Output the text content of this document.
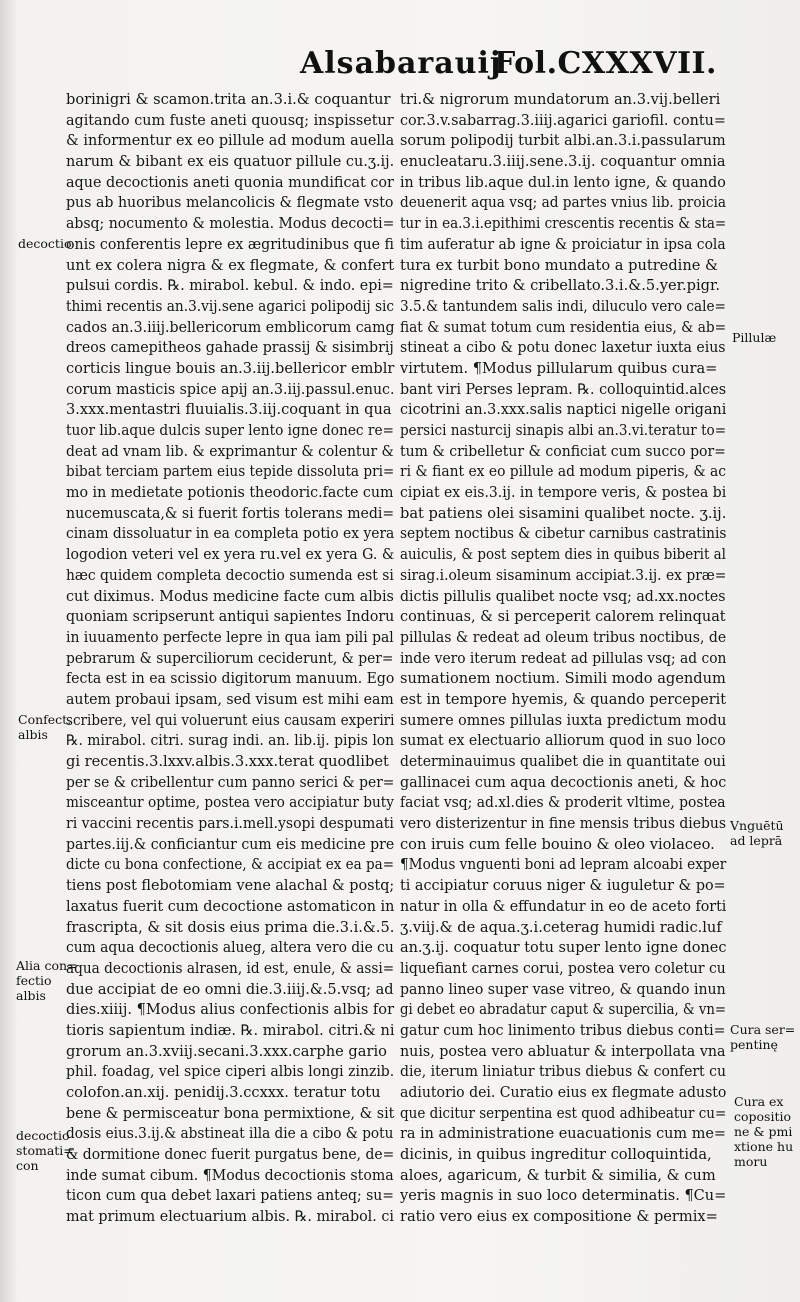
Alsabarauij
Fol.CXXXVII.
borinigri & scamon.trita an.3.i.& coquantur
agitando cum fuste aneti quousq; inspissetur
& informentur ex eo pillule ad modum auella
narum & bibant ex eis quatuor pillule cu.ʒ.ij.
aque decoctionis aneti quonia mundificat cor
pus ab huoribus melancolicis & flegmate vsto
absq; nocumento & molestia. Modus decocti=
onis conferentis lepre ex ægritudinibus que fi
unt ex colera nigra & ex flegmate, & confert
pulsui cordis. ℞. mirabol. kebul. & indo. epi=
thimi recentis an.3.vij.sene agarici polipodij sic
cados an.3.iiij.bellericorum emblicorum camg
dreos camepitheos gahade prassij & sisimbrij
corticis lingue bouis an.3.iij.bellericor emblr
corum masticis spice apij an.3.iij.passul.enuc.
3.xxx.mentastri fluuialis.3.iij.coquant in qua
tuor lib.aque dulcis super lento igne donec re=
deat ad vnam lib. & exprimantur & colentur &
bibat terciam partem eius tepide dissoluta pri=
mo in medietate potionis theodoric.facte cum
nucemuscata,& si fuerit fortis tolerans medi=
cinam dissoluatur in ea completa potio ex yera
logodion veteri vel ex yera ru.vel ex yera G. &
hæc quidem completa decoctio sumenda est si
cut diximus. Modus medicine facte cum albis
quoniam scripserunt antiqui sapientes Indoru
in iuuamento perfecte lepre in qua iam pili pal
pebrarum & superciliorum ceciderunt, & per=
fecta est in ea scissio digitorum manuum. Ego
autem probaui ipsam, sed visum est mihi eam
scribere, vel qui voluerunt eius causam experiri
℞. mirabol. citri. surag indi. an. lib.ij. pipis lon
gi recentis.3.lxxv.albis.3.xxx.terat quodlibet
per se & cribellentur cum panno serici & per=
misceantur optime, postea vero accipiatur buty
ri vaccini recentis pars.i.mell.ysopi despumati
partes.iij.& conficiantur cum eis medicine pre
dicte cu bona confectione, & accipiat ex ea pa=
tiens post flebotomiam vene alachal & postq;
laxatus fuerit cum decoctione astomaticon in
frascripta, & sit dosis eius prima die.3.i.&.5.
cum aqua decoctionis alueg, altera vero die cu
aqua decoctionis alrasen, id est, enule, & assi=
due accipiat de eo omni die.3.iiij.&.5.vsq; ad
dies.xiiij. ¶Modus alius confectionis albis for
tioris sapientum indiæ. ℞. mirabol. citri.& ni
grorum an.3.xviij.secani.3.xxx.carphe gario
phil. foadag, vel spice ciperi albis longi zinzib.
colofon.an.xij. penidij.3.ccxxx. teratur totu
bene & permisceatur bona permixtione, & sit
dosis eius.3.ij.& abstineat illa die a cibo & potu
& dormitione donec fuerit purgatus bene, de=
inde sumat cibum. ¶Modus decoctionis stoma
ticon cum qua debet laxari patiens anteq; su=
mat primum electuarium albis. ℞. mirabol. ci
tri.& nigrorum mundatorum an.3.vij.belleri
cor.3.v.sabarrag.3.iiij.agarici gariofil. contu=
sorum polipodij turbit albi.an.3.i.passularum
enucleataru.3.iiij.sene.3.ij. coquantur omnia
in tribus lib.aque dul.in lento igne, & quando
deuenerit aqua vsq; ad partes vnius lib. proicia
tur in ea.3.i.epithimi crescentis recentis & sta=
tim auferatur ab igne & proiciatur in ipsa cola
tura ex turbit bono mundato a putredine &
nigredine trito & cribellato.3.i.&.5.yer.pigr.
3.5.& tantundem salis indi, diluculo vero cale=
fiat & sumat totum cum residentia eius, & ab=
stineat a cibo & potu donec laxetur iuxta eius
virtutem. ¶Modus pillularum quibus cura=
bant viri Perses lepram. ℞. colloquintid.alces
cicotrini an.3.xxx.salis naptici nigelle origani
persici nasturcij sinapis albi an.3.vi.teratur to=
tum & cribelletur & conficiat cum succo por=
ri & fiant ex eo pillule ad modum piperis, & ac
cipiat ex eis.3.ij. in tempore veris, & postea bi
bat patiens olei sisamini qualibet nocte. ʒ.ij.
septem noctibus & cibetur carnibus castratinis
auiculis, & post septem dies in quibus biberit al
sirag.i.oleum sisaminum accipiat.3.ij. ex præ=
dictis pillulis qualibet nocte vsq; ad.xx.noctes
continuas, & si perceperit calorem relinquat
pillulas & redeat ad oleum tribus noctibus, de
inde vero iterum redeat ad pillulas vsq; ad con
sumationem noctium. Simili modo agendum
est in tempore hyemis, & quando perceperit
sumere omnes pillulas iuxta predictum modu
sumat ex electuario alliorum quod in suo loco
determinauimus qualibet die in quantitate oui
gallinacei cum aqua decoctionis aneti, & hoc
faciat vsq; ad.xl.dies & proderit vltime, postea
vero disterizentur in fine mensis tribus diebus
con iruis cum felle bouino & oleo violaceo.
¶Modus vnguenti boni ad lepram alcoabi exper
ti accipiatur coruus niger & iuguletur & po=
natur in olla & effundatur in eo de aceto forti
ʒ.viij.& de aqua.ʒ.i.ceterag humidi radic.luf
an.ʒ.ij. coquatur totu super lento igne donec
liquefiant carnes corui, postea vero coletur cu
panno lineo super vase vitreo, & quando inun
gi debet eo abradatur caput & supercilia, & vn=
gatur cum hoc linimento tribus diebus conti=
nuis, postea vero abluatur & interpollata vna
die, iterum liniatur tribus diebus & confert cu
adiutorio dei. Curatio eius ex flegmate adusto
que dicitur serpentina est quod adhibeatur cu=
ra in administratione euacuationis cum me=
dicinis, in quibus ingreditur colloquintida,
aloes, agaricum, & turbit & similia, & cum
yeris magnis in suo loco determinatis. ¶Cu=
ratio vero eius ex compositione & permix=
decoctio
Confect.
albis
Alia con=
fectio
albis
decoctio
stomati=
con
Pillulæ
Vnguētū
ad leprā
Cura ser=
pentinę
Cura ex
copositio
ne & pmi
xtione hu
moru
